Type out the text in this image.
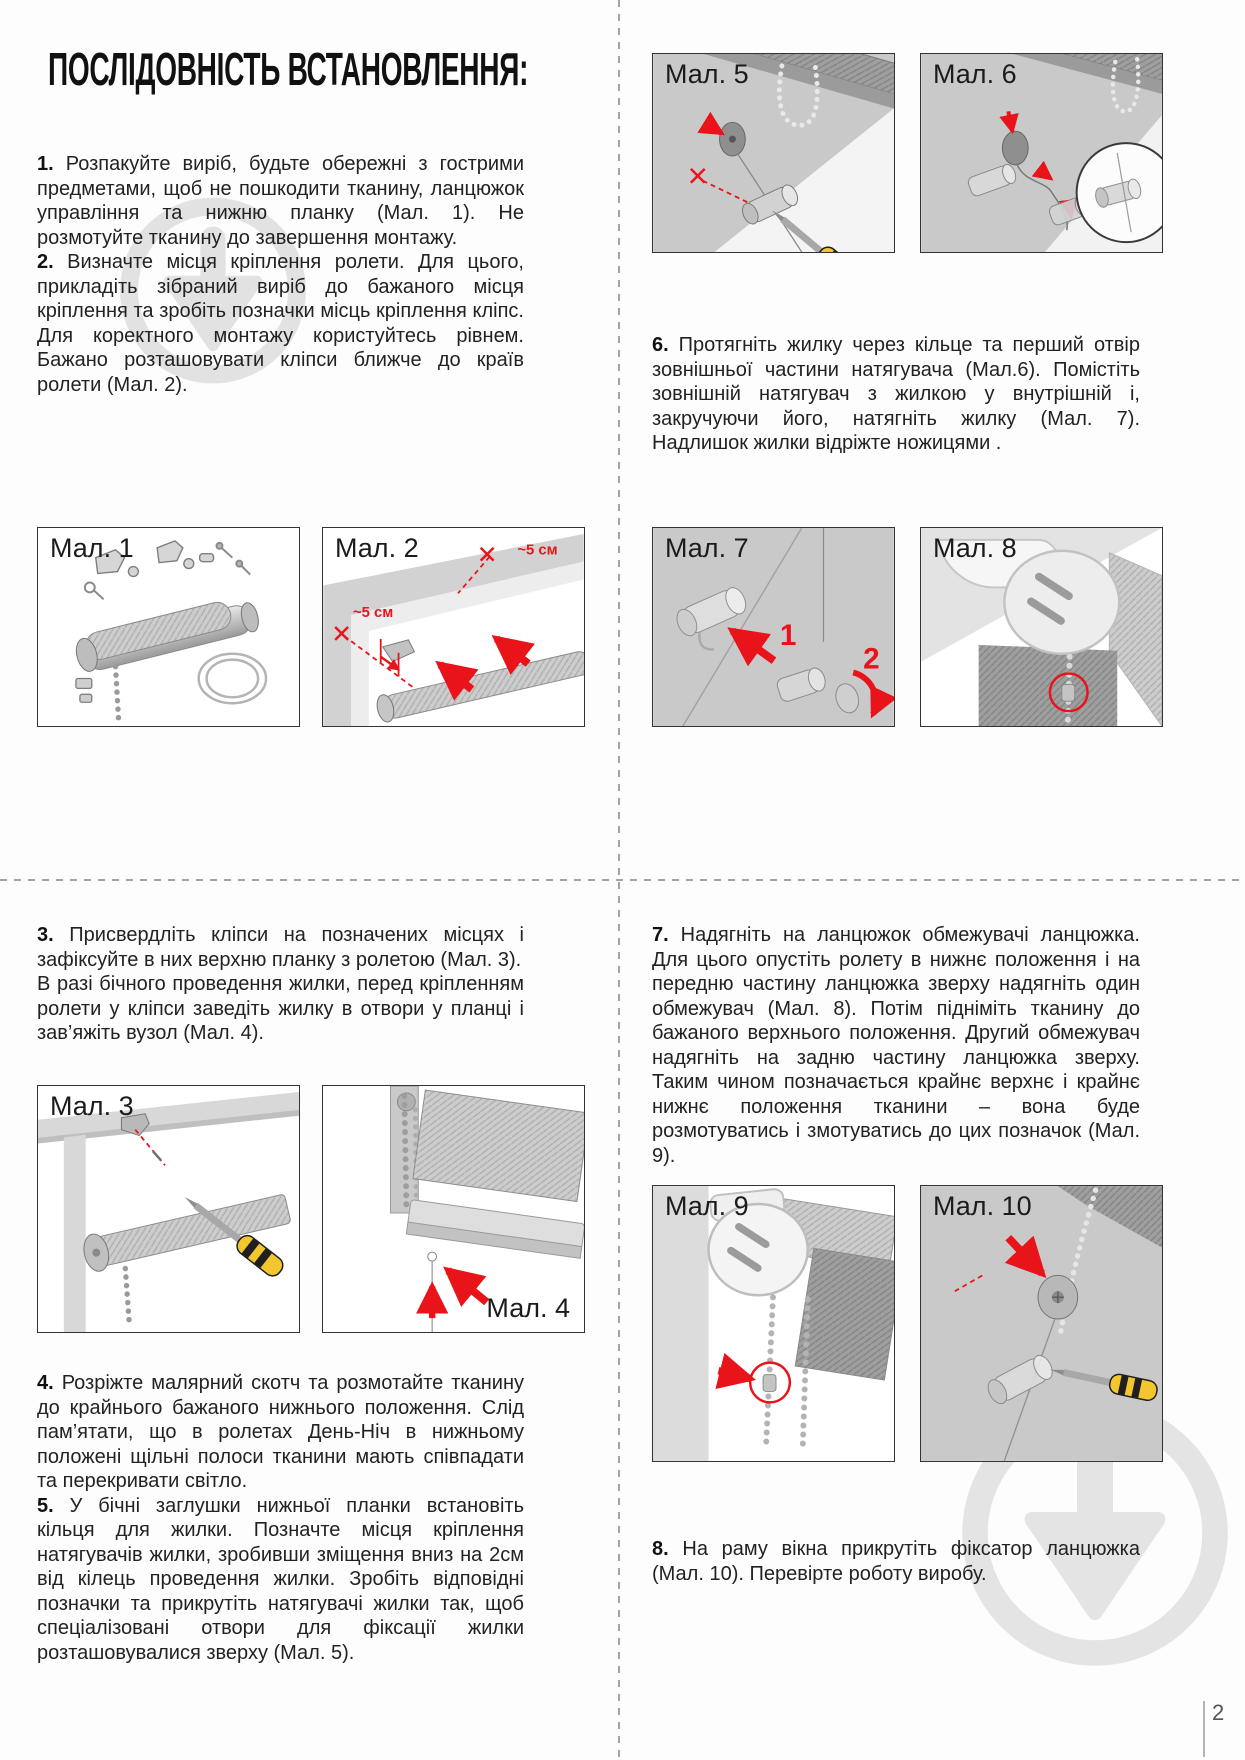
ПОСЛІДОВНІСТЬ ВСТАНОВЛЕННЯ:

1. Розпакуйте виріб, будьте обережні з гострими предметами, щоб не пошкодити тканину, ланцюжок управління та нижню планку (Мал. 1). Не розмотуйте тканину до завершення монтажу.

2. Визначте місця кріплення ролети. Для цього, прикладіть зібраний виріб до бажаного місця кріплення та зробіть позначки місць кріплення кліпс. Для коректного монтажу користуйтесь рівнем. Бажано розташовувати кліпси ближче до країв ролети (Мал. 2).

6. Протягніть жилку через кільце та перший отвір зовнішньої частини натягувача (Мал.6). Помістіть зовнішній натягувач з жилкою у внутрішній і, закручуючи його, натягніть жилку (Мал. 7). Надлишок жилки відріжте ножицями .

3. Присвердліть кліпси на позначених місцях і зафіксуйте в них верхню планку з ролетою (Мал. 3).

В разі бічного проведення жилки, перед кріпленням ролети у кліпси заведіть жилку в отвори у планці і зав’яжіть вузол (Мал. 4).

4. Розріжте малярний скотч та розмотайте тканину до крайнього бажаного нижнього положення. Слід пам’ятати, що в ролетах День-Ніч в нижньому положені щільні полоси тканини мають співпадати та перекривати світло.

5. У бічні заглушки нижньої планки встановіть кільця для жилки. Позначте місця кріплення натягувачів жилки, зробивши зміщення вниз на 2см від кілець проведення жилки. Зробіть відповідні позначки та прикрутіть натягувачі жилки так, щоб спеціалізовані отвори для фіксації жилки розташовувалися зверху (Мал. 5).

7. Надягніть на ланцюжок обмежувачі ланцюжка. Для цього опустіть ролету в нижнє положення і на передню частину ланцюжка зверху надягніть один обмежувач (Мал. 8). Потім підніміть тканину до бажаного верхнього положення. Другий обмежувач надягніть на задню частину ланцюжка зверху. Таким чином позначається крайнє верхнє і крайнє нижнє положення тканини – вона буде розмотуватись і змотуватись до цих позначок (Мал. 9).

8. На раму вікна прикрутіть фіксатор ланцюжка (Мал. 10). Перевірте роботу виробу.

Мал. 1	~5 см
~5 см
Мал. 2
Мал. 5	Мал. 6
1
2
Мал. 7	Мал. 8
Мал. 3
Мал. 4
Мал. 9	Мал. 10
2
